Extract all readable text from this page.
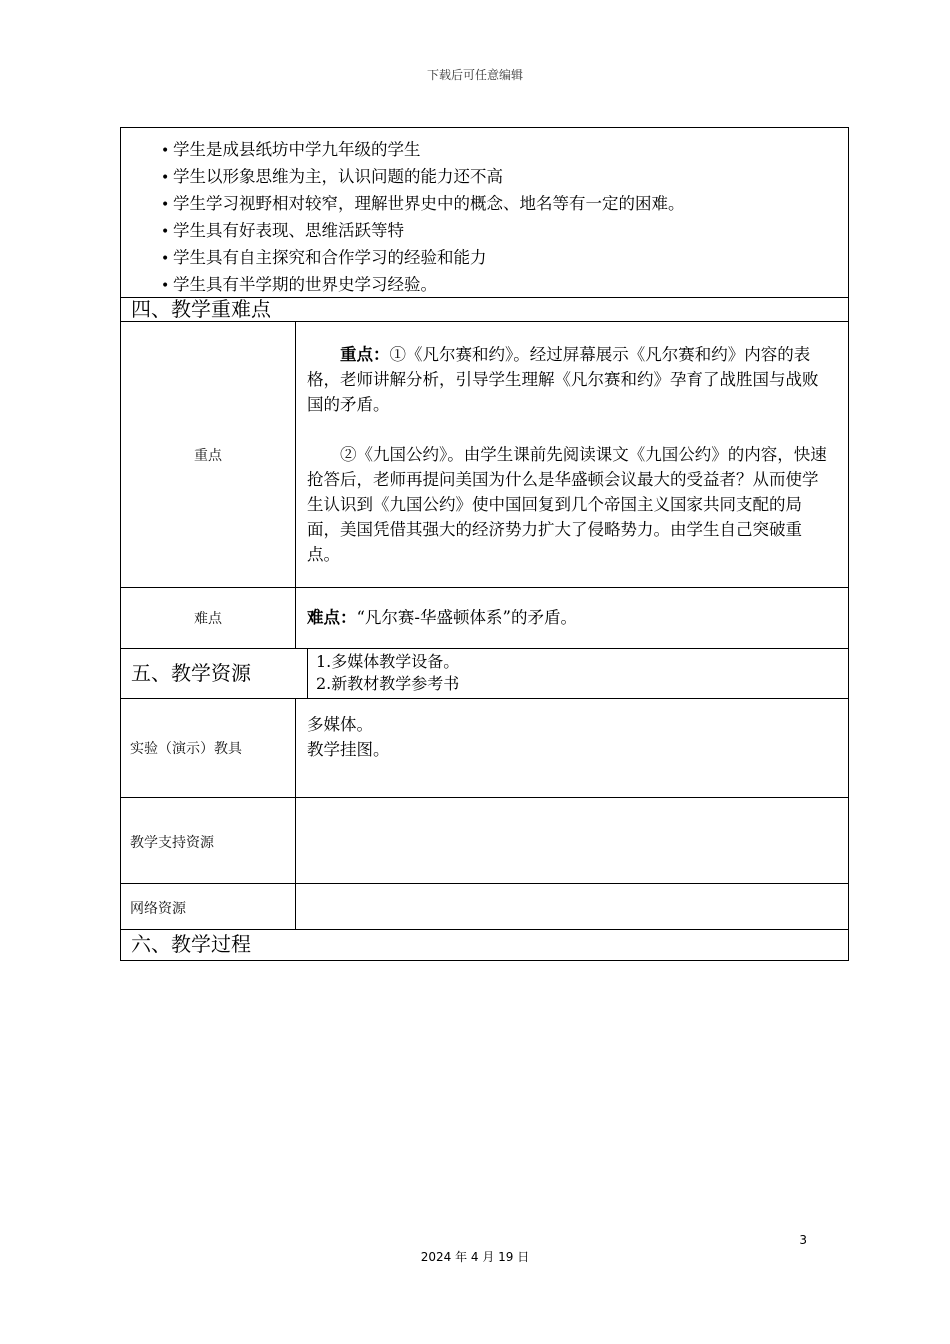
下载后可任意编辑
• 学生是成县纸坊中学九年级的学生
• 学生以形象思维为主，认识问题的能力还不高
• 学生学习视野相对较窄，理解世界史中的概念、地名等有一定的困难。
• 学生具有好表现、思维活跃等特
• 学生具有自主探究和合作学习的经验和能力
• 学生具有半学期的世界史学习经验。
四、教学重难点
重点

重点：①《凡尔赛和约》。经过屏幕展示《凡尔赛和约》内容的表格，老师讲解分析，引导学生理解《凡尔赛和约》孕育了战胜国与战败国的矛盾。

②《九国公约》。由学生课前先阅读课文《九国公约》的内容，快速抢答后，老师再提问美国为什么是华盛顿会议最大的受益者？从而使学生认识到《九国公约》使中国回复到几个帝国主义国家共同支配的局面，美国凭借其强大的经济势力扩大了侵略势力。由学生自己突破重点。

难点	难点：“凡尔赛-华盛顿体系”的矛盾。
五、教学资源	1.多媒体教学设备。
2.新教材教学参考书
实验（演示）教具
多媒体。
教学挂图。
教学支持资源
网络资源
六、教学过程
3
2024 年 4 月 19 日
